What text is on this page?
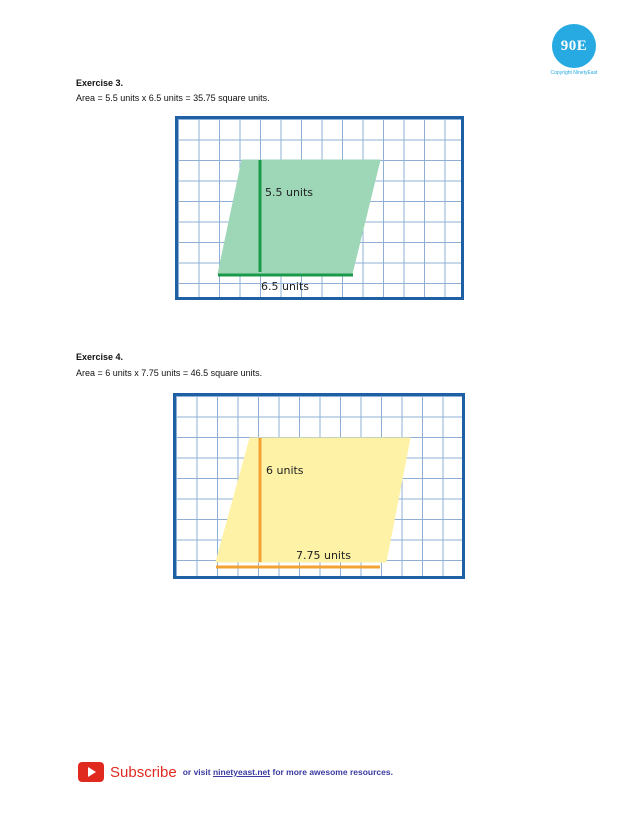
90E
Copyright NinetyEast
Exercise 3.
Area = 5.5 units x 6.5 units = 35.75 square units.
5.5 units
6.5 units
Exercise 4.
Area = 6 units x 7.75 units = 46.5 square units.
6 units
7.75 units
Subscribe or visit ninetyeast.net for more awesome resources.
